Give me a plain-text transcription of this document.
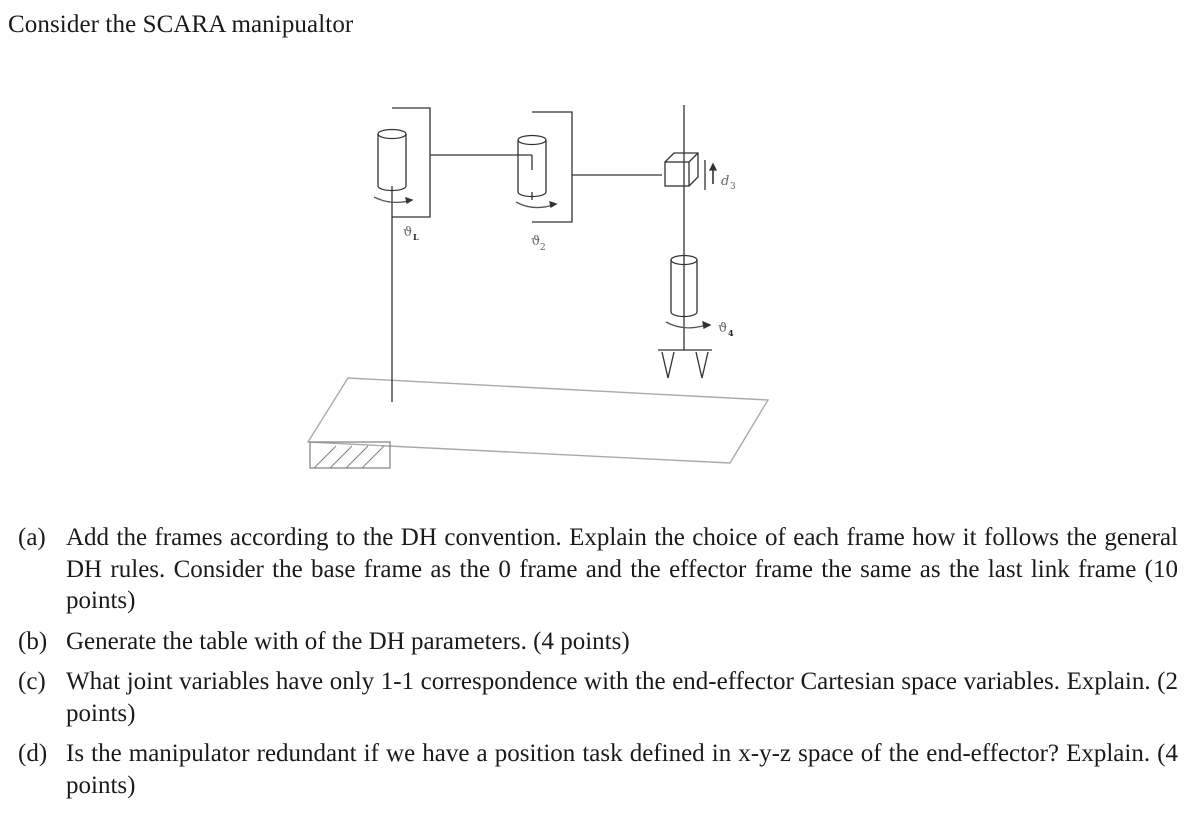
Consider the SCARA manipualtor
ϑ L	ϑ 2
d 3
ϑ 4
(a) Add the frames according to the DH convention. Explain the choice of each frame how it follows the general DH rules. Consider the base frame as the 0 frame and the effector frame the same as the last link frame (10 points)
(b) Generate the table with of the DH parameters. (4 points)
(c) What joint variables have only 1-1 correspondence with the end-effector Cartesian space variables. Explain. (2 points)
(d) Is the manipulator redundant if we have a position task defined in x-y-z space of the end-effector? Explain. (4 points)
